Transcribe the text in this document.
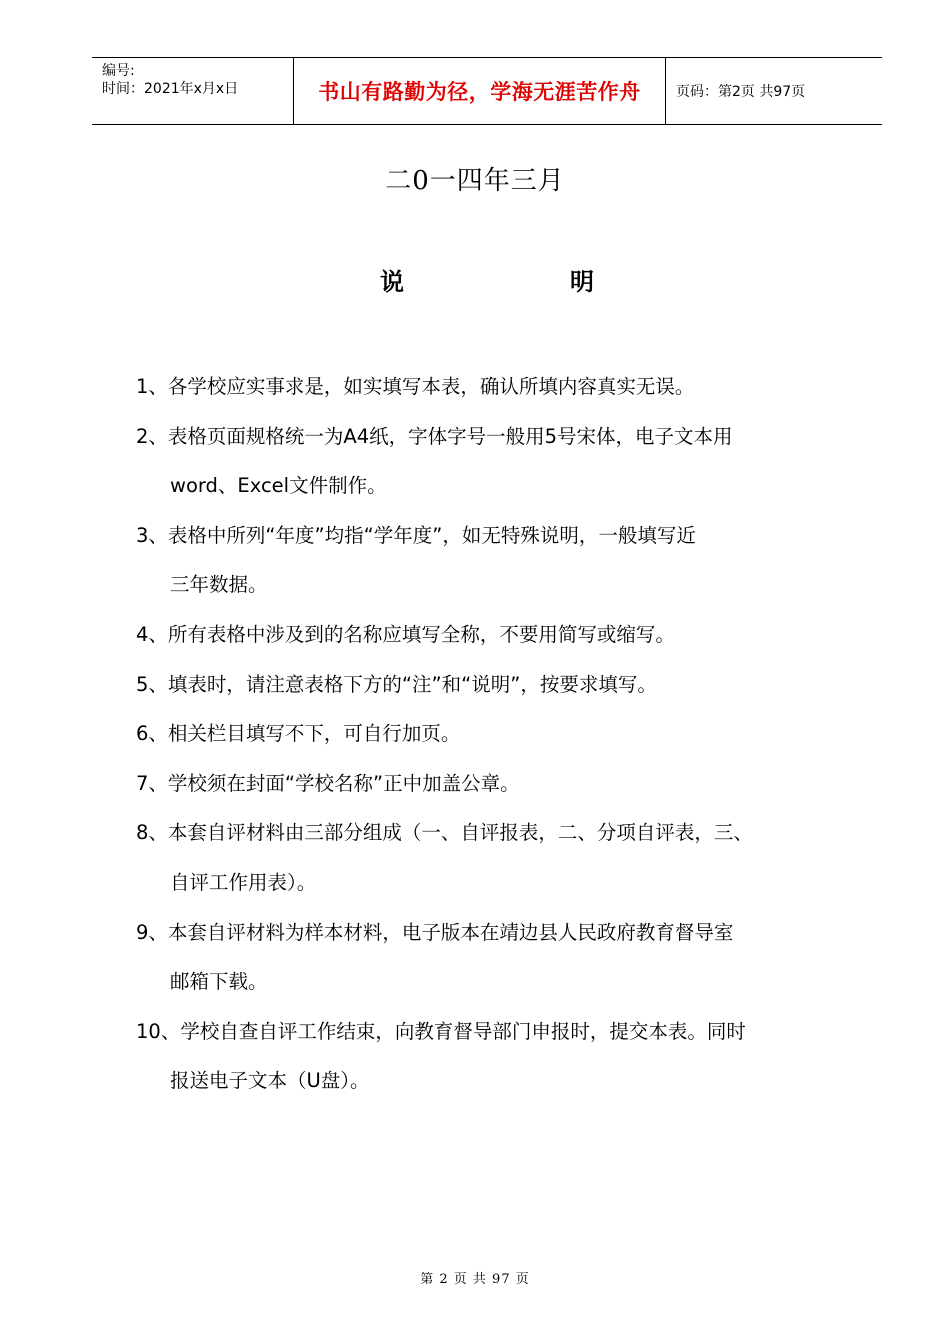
编号:
时间：2021年x月x日	书山有路勤为径，学海无涯苦作舟	页码：第2页 共97页
二0一四年三月
说	明

1、各学校应实事求是，如实填写本表，确认所填内容真实无误。

2、表格页面规格统一为A4纸，字体字号一般用5号宋体，电子文本用
word、Excel文件制作。

3、表格中所列“年度”均指“学年度”，如无特殊说明，一般填写近
三年数据。

4、所有表格中涉及到的名称应填写全称，不要用简写或缩写。

5、填表时，请注意表格下方的“注”和“说明”，按要求填写。

6、相关栏目填写不下，可自行加页。

7、学校须在封面“学校名称”正中加盖公章。

8、本套自评材料由三部分组成（一、自评报表，二、分项自评表，三、
自评工作用表）。

9、本套自评材料为样本材料，电子版本在靖边县人民政府教育督导室
邮箱下载。

10、学校自查自评工作结束，向教育督导部门申报时，提交本表。同时
报送电子文本（U盘）。

第 2 页 共 97 页
